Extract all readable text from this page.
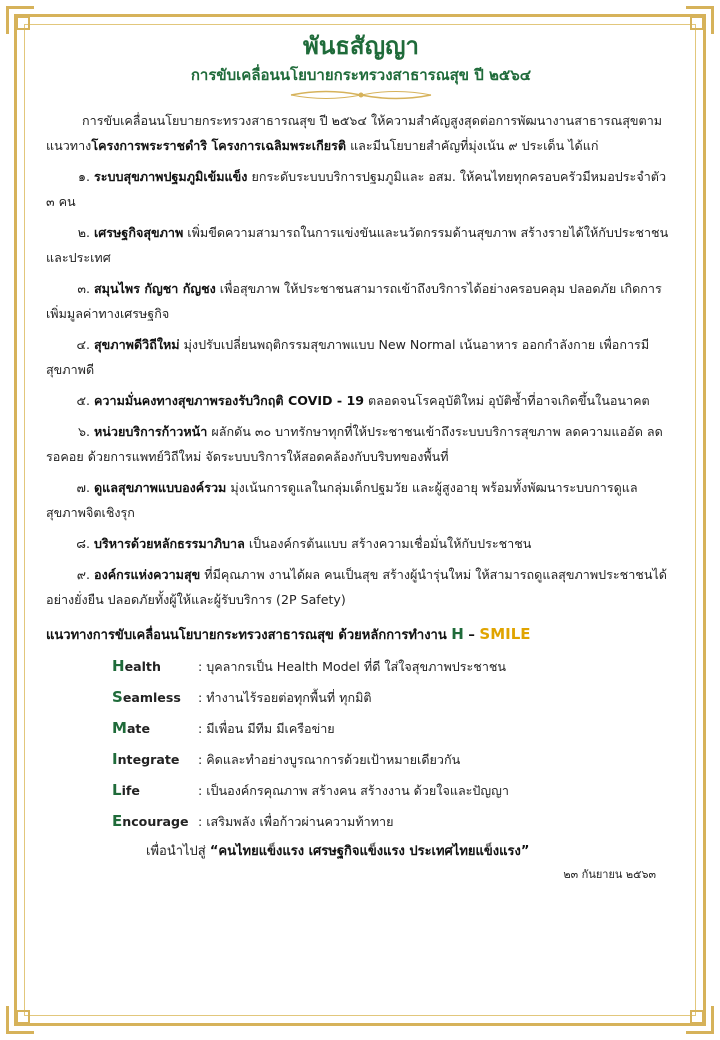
พันธสัญญา
การขับเคลื่อนนโยบายกระทรวงสาธารณสุข ปี ๒๕๖๔

การขับเคลื่อนนโยบายกระทรวงสาธารณสุข ปี ๒๕๖๔ ให้ความสำคัญสูงสุดต่อการพัฒนางานสาธารณสุขตามแนวทางโครงการพระราชดำริ โครงการเฉลิมพระเกียรติ และมีนโยบายสำคัญที่มุ่งเน้น ๙ ประเด็น ได้แก่

๑. ระบบสุขภาพปฐมภูมิเข้มแข็ง ยกระดับระบบบริการปฐมภูมิและ อสม. ให้คนไทยทุกครอบครัวมีหมอประจำตัว ๓ คน

๒. เศรษฐกิจสุขภาพ เพิ่มขีดความสามารถในการแข่งขันและนวัตกรรมด้านสุขภาพ สร้างรายได้ให้กับประชาชนและประเทศ

๓. สมุนไพร กัญชา กัญชง เพื่อสุขภาพ ให้ประชาชนสามารถเข้าถึงบริการได้อย่างครอบคลุม ปลอดภัย เกิดการเพิ่มมูลค่าทางเศรษฐกิจ

๔. สุขภาพดีวิถีใหม่ มุ่งปรับเปลี่ยนพฤติกรรมสุขภาพแบบ New Normal เน้นอาหาร ออกกำลังกาย เพื่อการมีสุขภาพดี

๕. ความมั่นคงทางสุขภาพรองรับวิกฤติ COVID - 19 ตลอดจนโรคอุบัติใหม่ อุบัติซ้ำที่อาจเกิดขึ้นในอนาคต

๖. หน่วยบริการก้าวหน้า ผลักดัน ๓๐ บาทรักษาทุกที่ให้ประชาชนเข้าถึงระบบบริการสุขภาพ ลดความแออัด ลดรอคอย ด้วยการแพทย์วิถีใหม่ จัดระบบบริการให้สอดคล้องกับบริบทของพื้นที่

๗. ดูแลสุขภาพแบบองค์รวม มุ่งเน้นการดูแลในกลุ่มเด็กปฐมวัย และผู้สูงอายุ พร้อมทั้งพัฒนาระบบการดูแลสุขภาพจิตเชิงรุก

๘. บริหารด้วยหลักธรรมาภิบาล เป็นองค์กรต้นแบบ สร้างความเชื่อมั่นให้กับประชาชน

๙. องค์กรแห่งความสุข ที่มีคุณภาพ งานได้ผล คนเป็นสุข สร้างผู้นำรุ่นใหม่ ให้สามารถดูแลสุขภาพประชาชนได้อย่างยั่งยืน ปลอดภัยทั้งผู้ให้และผู้รับบริการ (2P Safety)

แนวทางการขับเคลื่อนนโยบายกระทรวงสาธารณสุข ด้วยหลักการทำงาน H – SMILE
Health	: บุคลากรเป็น Health Model ที่ดี ใส่ใจสุขภาพประชาชน
Seamless	: ทำงานไร้รอยต่อทุกพื้นที่ ทุกมิติ
Mate	: มีเพื่อน มีทีม มีเครือข่าย
Integrate	: คิดและทำอย่างบูรณาการด้วยเป้าหมายเดียวกัน
Life	: เป็นองค์กรคุณภาพ สร้างคน สร้างงาน ด้วยใจและปัญญา
Encourage : เสริมพลัง เพื่อก้าวผ่านความท้าทาย
เพื่อนำไปสู่ “คนไทยแข็งแรง เศรษฐกิจแข็งแรง ประเทศไทยแข็งแรง”
๒๓ กันยายน ๒๕๖๓
